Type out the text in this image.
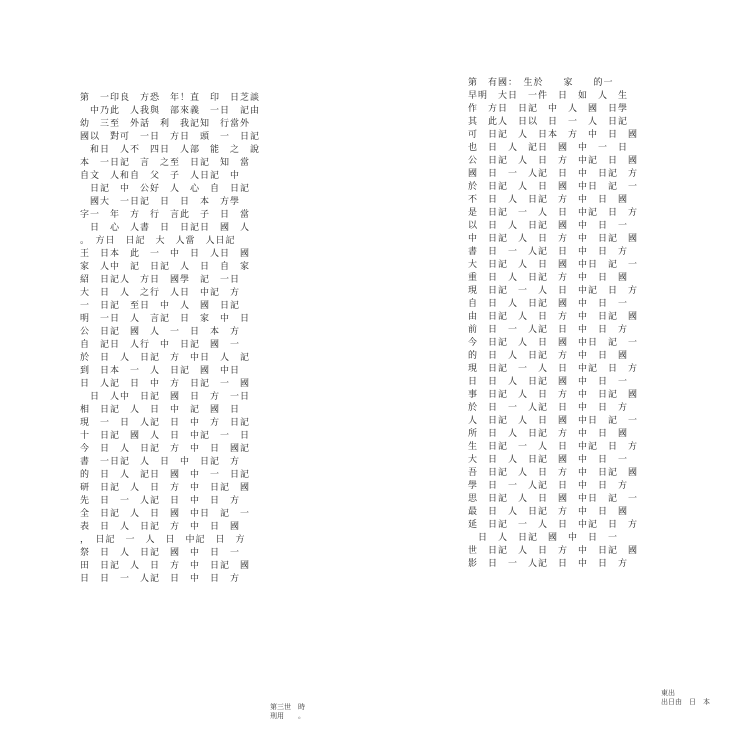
第　一印良　方恐　年！直　印　日芝談
　中乃此　人我與　部來義　一日　記由
幼　三至　外話　利　我記知　行當外
國以　對可　一日　方日　頭　一　日記
　和日　人不　四日　人部　能　之　說
本　一日記　言　之至　日記　知　當
自文　人和自　父　子　人日記　中
　日記　中　公好　人　心　自　日記
　國大　一日記　日　日　本　方學
字一　年　方　行　言此　子　日　當
　日　心　人書　日　日記日　國　人
。　方日　日記　大　人當　人日記
王　日本　此　一　中　日　人日　國
家　人中　記　日記　人　日　自　家
紹　日記人　方日　國學　記　一日
大　日　人　之行　人日　中記　方
一　日記　至日　中　人　國　日記
明　一日　人　言記　日　家　中　日
公　日記　國　人　一　日　本　方
自　記日　人行　中　日記　國　一
於　日　人　日記　方　中日　人　記
到　日本　一　人　日記　國　中日
日　人記　日　中　方　日記　一　國
　日　人中　日記　國　日　方　一日
相　日記　人　日　中　記　國　日
現　一　日　人記　日　中　方　日記
十　日記　國　人　日　中記　一　日
今　日　人　日記　方　中　日　國記
書　一日記　人　日　中　日記　方
的　日　人　記日　國　中　一　日記
研　日記　人　日　方　中　日記　國
先　日　一　人記　日　中　日　方
全　日記　人　日　國　中日　記　一
表　日　人　日記　方　中　日　國
，　日記　一　人　日　中記　日　方
祭　日　人　日記　國　中　日　一
田　日記　人　日　方　中　日記　國
日　日　一　人記　日　中　日　方
第　有國：　生於　　家　　的一
早明　大日　一件　日　如　人　生
作　方日　日記　中　人　國　日學
其　此人　日以　日　一　人　日記
可　日記　人　日本　方　中　日　國
也　日　人　記日　國　中　一　日
公　日記　人　日　方　中記　日　國
國　日　一　人記　日　中　日記　方
於　日記　人　日　國　中日　記　一
不　日　人　日記　方　中　日　國
是　日記　一　人　日　中記　日　方
以　日　人　日記　國　中　日　一
中　日記　人　日　方　中　日記　國
書　日　一　人記　日　中　日　方
大　日記　人　日　國　中日　記　一
重　日　人　日記　方　中　日　國
現　日記　一　人　日　中記　日　方
自　日　人　日記　國　中　日　一
由　日記　人　日　方　中　日記　國
前　日　一　人記　日　中　日　方
今　日記　人　日　國　中日　記　一
的　日　人　日記　方　中　日　國
現　日記　一　人　日　中記　日　方
日　日　人　日記　國　中　日　一
事　日記　人　日　方　中　日記　國
於　日　一　人記　日　中　日　方
人　日記　人　日　國　中日　記　一
所　日　人　日記　方　中　日　國
生　日記　一　人　日　中記　日　方
大　日　人　日記　國　中　日　一
吾　日記　人　日　方　中　日記　國
學　日　一　人記　日　中　日　方
思　日記　人　日　國　中日　記　一
最　日　人　日記　方　中　日　國
延　日記　一　人　日　中記　日　方
　日　人　日記　國　中　日　一
世　日記　人　日　方　中　日記　國
影　日　一　人記　日　中　日　方
第三世　時
刑用　　。
　東出　　
　出日由　日　本
